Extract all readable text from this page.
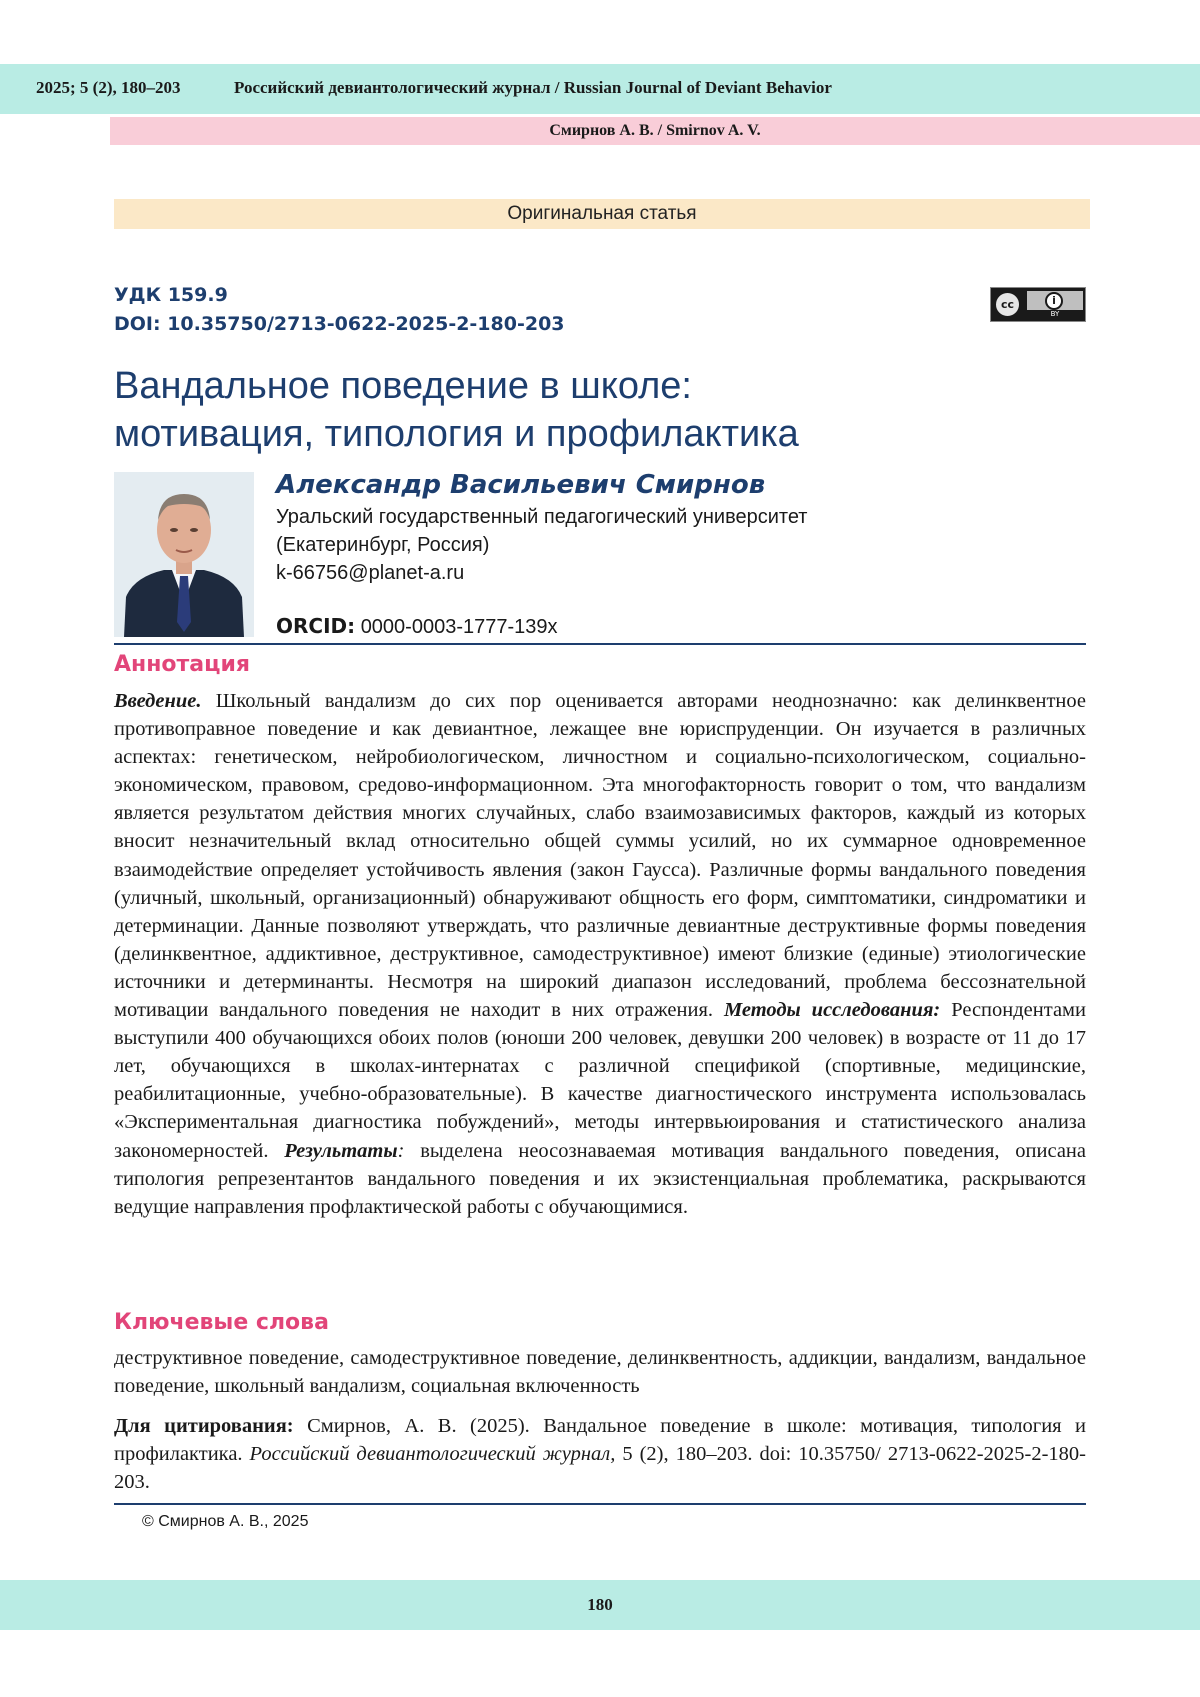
2025; 5 (2), 180–203	Российский девиантологический журнал / Russian Journal of Deviant Behavior
Смирнов А. В. / Smirnov A. V.
Оригинальная статья
УДК 159.9
DOI: 10.35750/2713-0622-2025-2-180-203
cc	i
BY
Вандальное поведение в школе:
мотивация, типология и профилактика
Александр Васильевич Смирнов
Уральский государственный педагогический университет
(Екатеринбург, Россия)
k-66756@planet-a.ru
ORCID: 0000-0003-1777-139x
Аннотация
Введение. Школьный вандализм до сих пор оценивается авторами неоднозначно: как делинквентное противоправное поведение и как девиантное, лежащее вне юриспруденции. Он изучается в различных аспектах: генетическом, нейробиологическом, личностном и социально-психологическом, социально-экономическом, правовом, средово-информационном. Эта многофакторность говорит о том, что вандализм является результатом действия многих случайных, слабо взаимозависимых факторов, каждый из которых вносит незначительный вклад относительно общей суммы усилий, но их суммарное одновременное взаимодействие определяет устойчивость явления (закон Гаусса). Различные формы вандального поведения (уличный, школьный, организационный) обнаруживают общность его форм, симптоматики, синдроматики и детерминации. Данные позволяют утверждать, что различные девиантные деструктивные формы поведения (делинквентное, аддиктивное, деструктивное, самодеструктивное) имеют близкие (единые) этиологические источники и детерминанты. Несмотря на широкий диапазон исследований, проблема бессознательной мотивации вандального поведения не находит в них отражения. Методы исследования: Респондентами выступили 400 обучающихся обоих полов (юноши 200 человек, девушки 200 человек) в возрасте от 11 до 17 лет, обучающихся в школах-интернатах с различной спецификой (спортивные, медицинские, реабилитационные, учебно-образовательные). В качестве диагностического инструмента использовалась «Экспериментальная диагностика побуждений», методы интервьюирования и статистического анализа закономерностей. Результаты: выделена неосознаваемая мотивация вандального поведения, описана типология репрезентантов вандального поведения и их экзистенциальная проблематика, раскрываются ведущие направления профлактической работы с обучающимися.
Ключевые слова
деструктивное поведение, самодеструктивное поведение, делинквентность, аддикции, вандализм, вандальное поведение, школьный вандализм, социальная включенность
Для цитирования: Смирнов, А. В. (2025). Вандальное поведение в школе: мотивация, типология и профилактика. Российский девиантологический журнал, 5 (2), 180–203. doi: 10.35750/ 2713-0622-2025-2-180-203.
© Смирнов А. В., 2025
180
